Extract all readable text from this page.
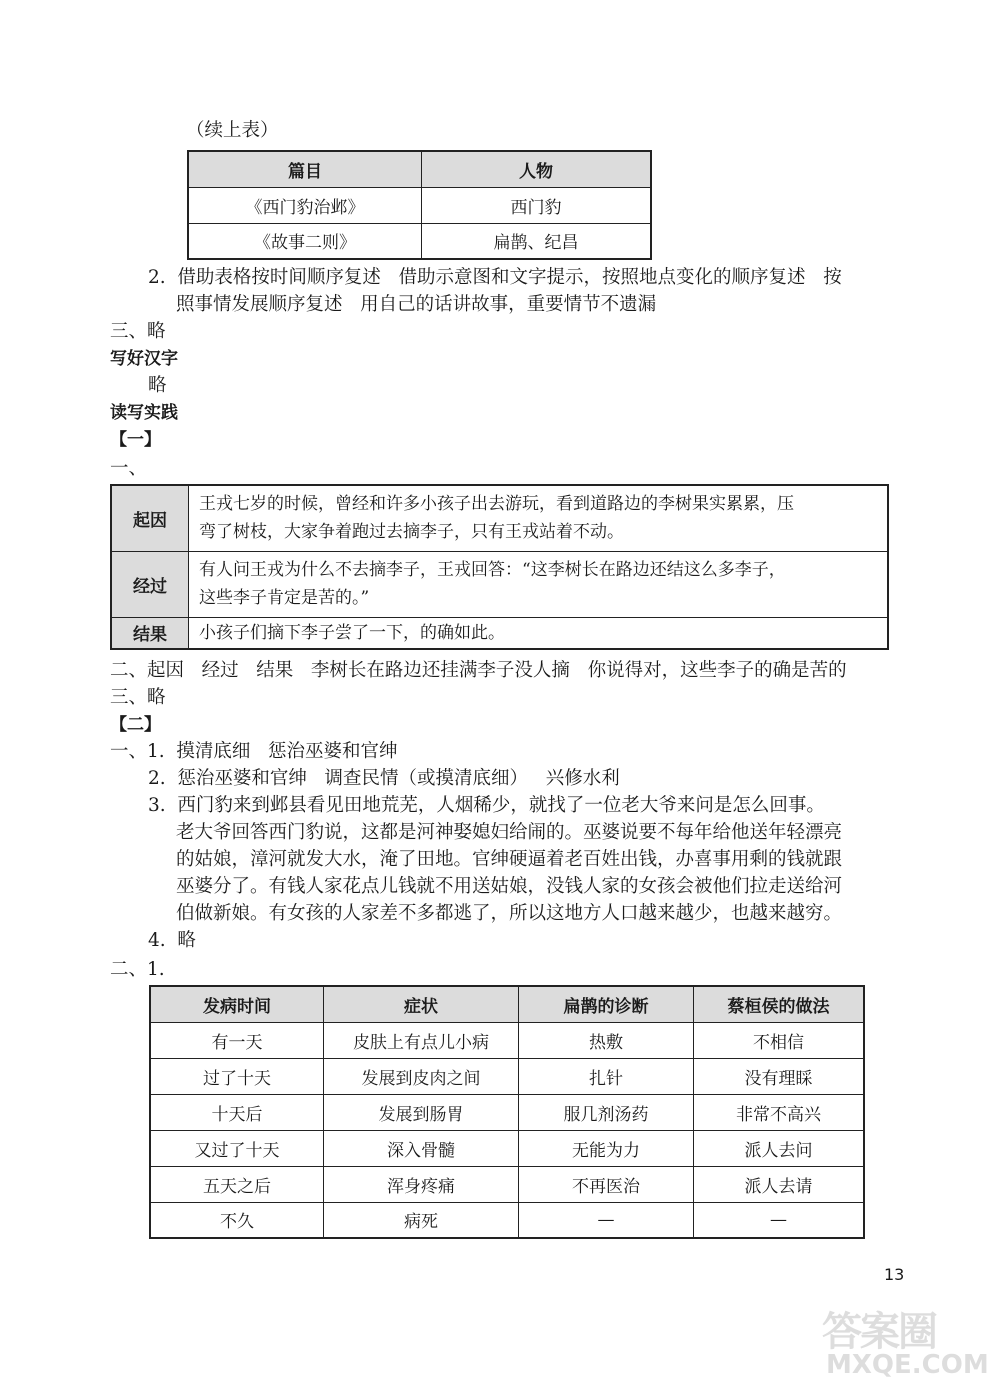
（续上表）
篇目	人物
《西门豹治邺》	西门豹
《故事二则》	扁鹊、纪昌
2.  借助表格按时间顺序复述   借助示意图和文字提示，按照地点变化的顺序复述   按
照事情发展顺序复述   用自己的话讲故事，重要情节不遗漏
三、略
写好汉字
略
读写实践
【一】
一、
起因	王戎七岁的时候，曾经和许多小孩子出去游玩，看到道路边的李树果实累累，压
弯了树枝，大家争着跑过去摘李子，只有王戎站着不动。

经过	有人问王戎为什么不去摘李子，王戎回答：“这李树长在路边还结这么多李子，
这些李子肯定是苦的。”

结果	小孩子们摘下李子尝了一下，的确如此。
二、起因   经过   结果   李树长在路边还挂满李子没人摘   你说得对，这些李子的确是苦的
三、略
【二】
一、1.  摸清底细   惩治巫婆和官绅
2.  惩治巫婆和官绅   调查民情（或摸清底细）   兴修水利
3.  西门豹来到邺县看见田地荒芜，人烟稀少，就找了一位老大爷来问是怎么回事。
老大爷回答西门豹说，这都是河神娶媳妇给闹的。巫婆说要不每年给他送年轻漂亮
的姑娘，漳河就发大水，淹了田地。官绅硬逼着老百姓出钱，办喜事用剩的钱就跟
巫婆分了。有钱人家花点儿钱就不用送姑娘，没钱人家的女孩会被他们拉走送给河
伯做新娘。有女孩的人家差不多都逃了，所以这地方人口越来越少，也越来越穷。
4.  略
二、1.
发病时间	症状	扁鹊的诊断	蔡桓侯的做法
有一天	皮肤上有点儿小病	热敷	不相信
过了十天	发展到皮肉之间	扎针	没有理睬
十天后	发展到肠胃	服几剂汤药	非常不高兴
又过了十天	深入骨髓	无能为力	派人去问
五天之后	浑身疼痛	不再医治	派人去请
不久	病死	—	—
13
答案圈
MXQE.COM
